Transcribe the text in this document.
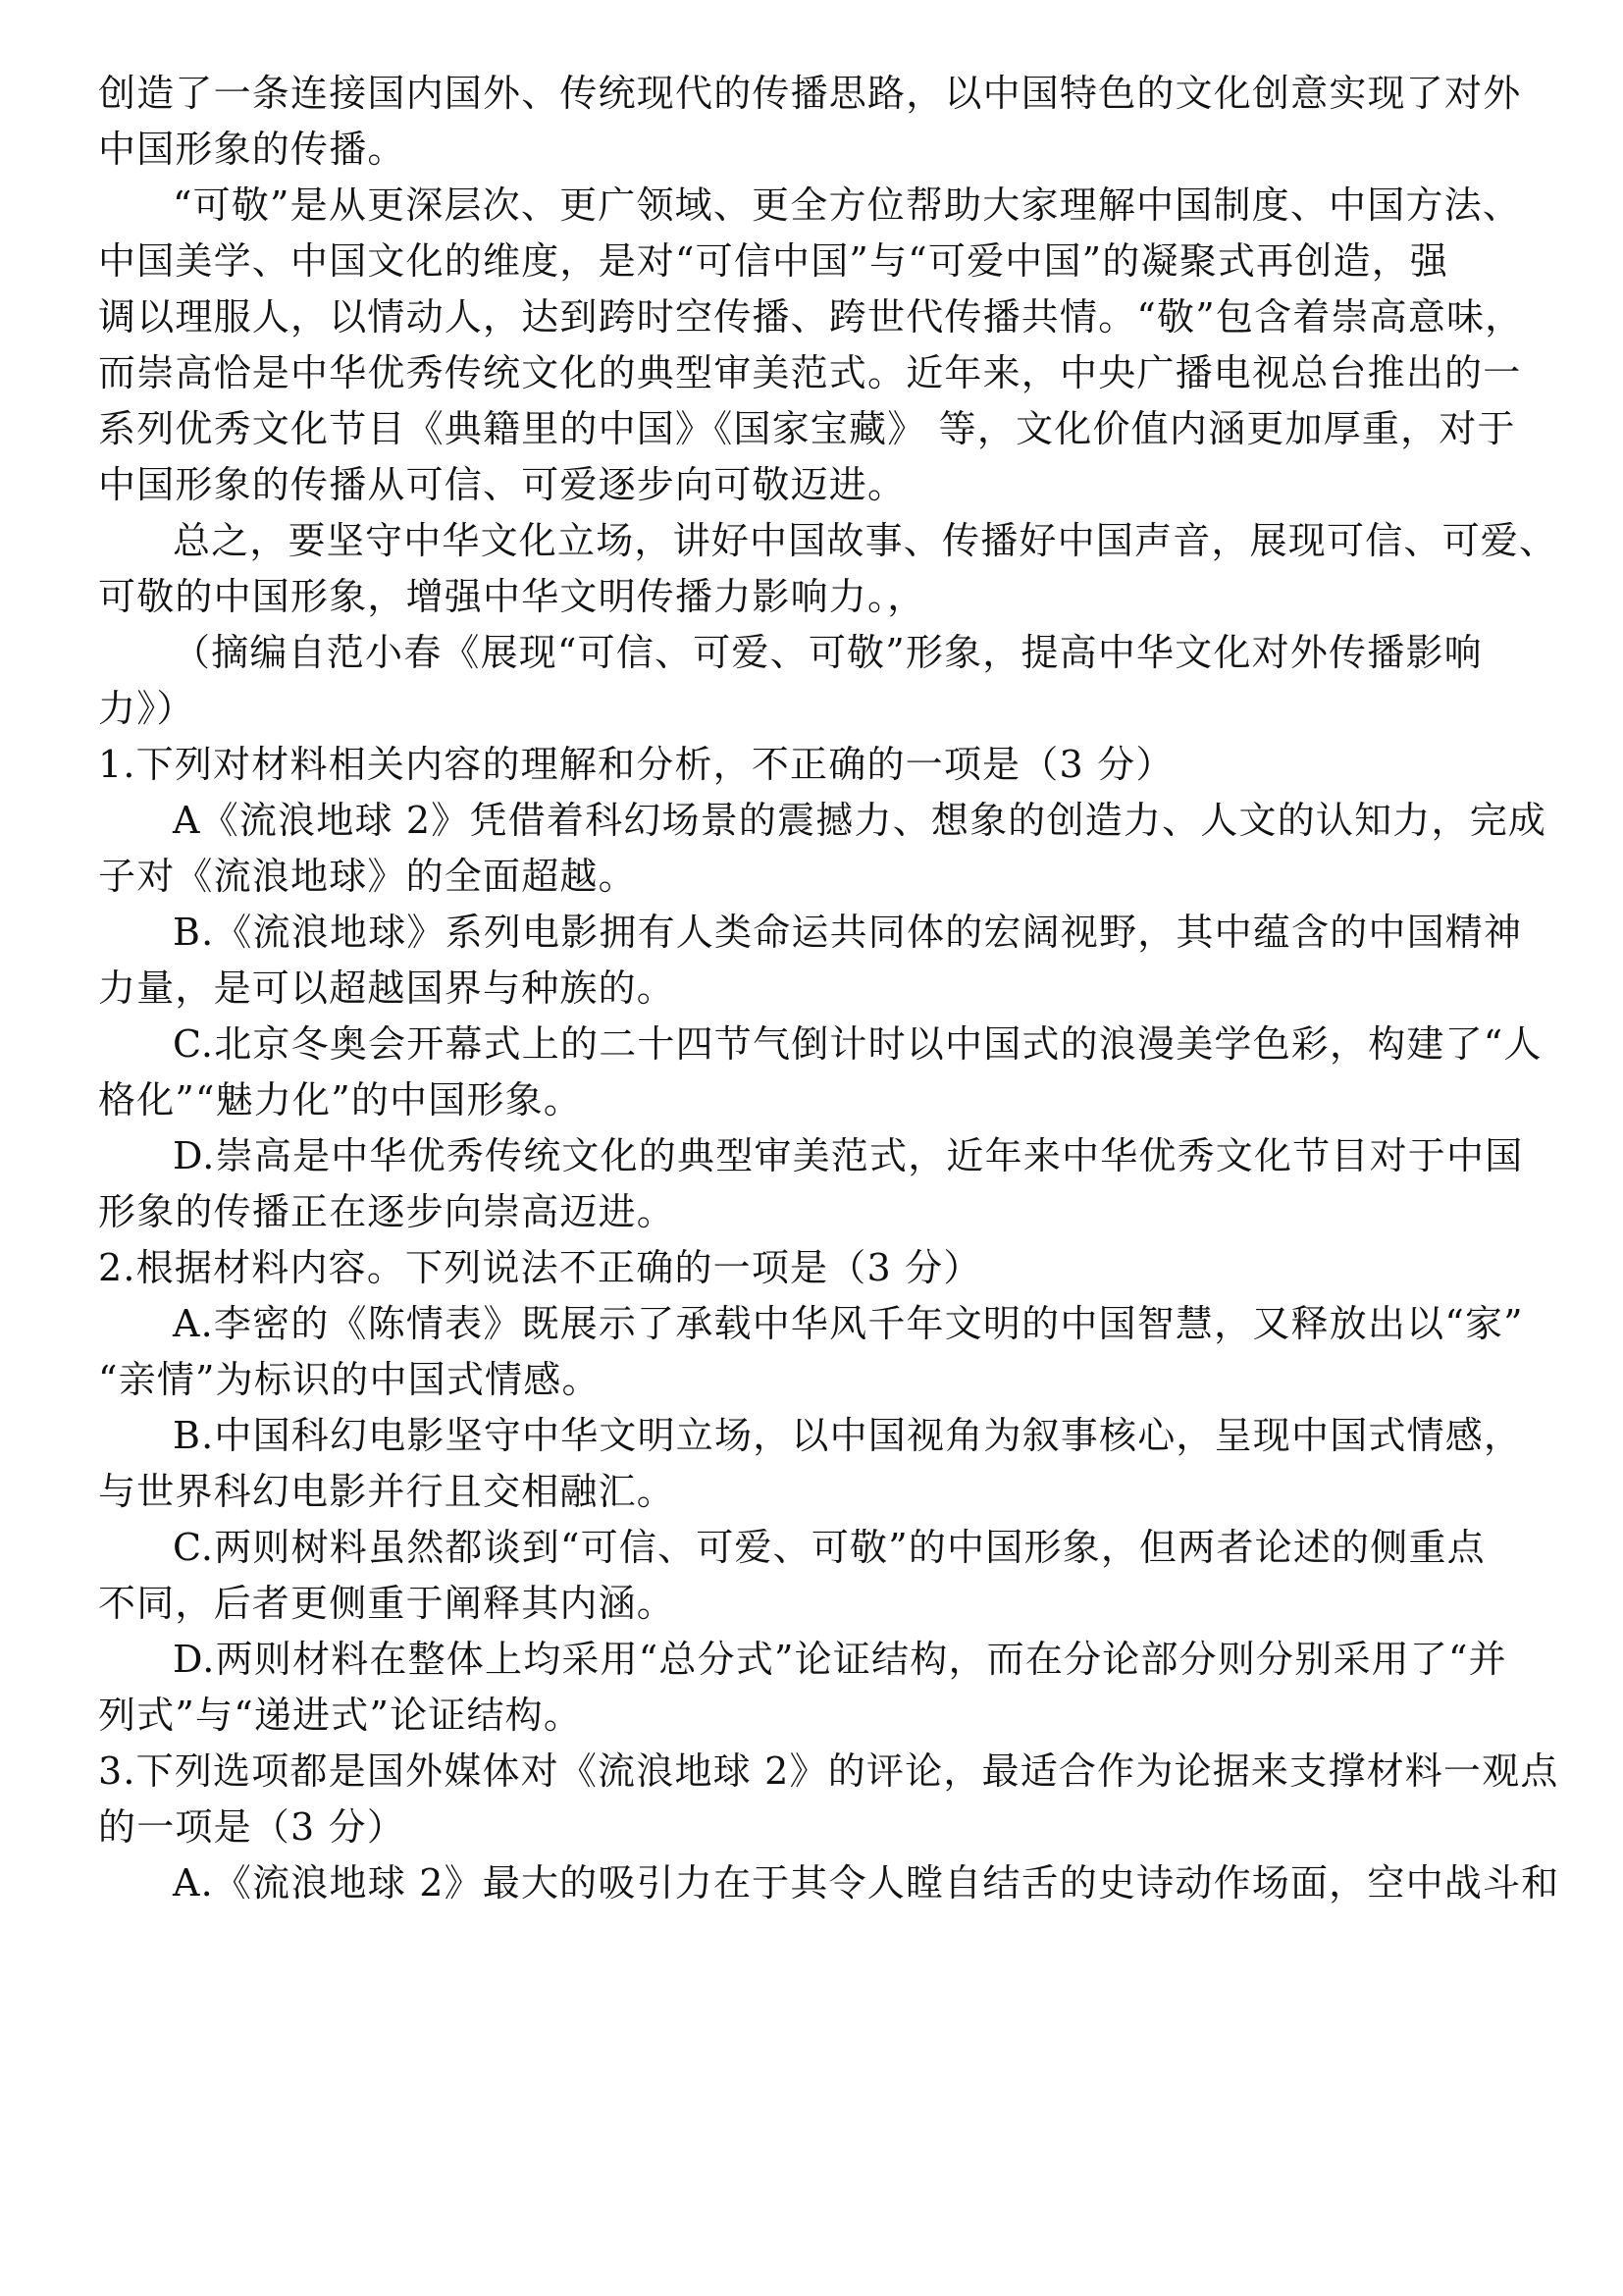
创造了一条连接国内国外、传统现代的传播思路，以中国特色的文化创意实现了对外
中国形象的传播。
“可敬”是从更深层次、更广领域、更全方位帮助大家理解中国制度、中国方法、
中国美学、中国文化的维度，是对“可信中国”与“可爱中国”的凝聚式再创造，强
调以理服人，以情动人，达到跨时空传播、跨世代传播共情。“敬”包含着崇高意味，
而崇高恰是中华优秀传统文化的典型审美范式。近年来，中央广播电视总台推出的一
系列优秀文化节目《典籍里的中国》《国家宝藏》 等，文化价值内涵更加厚重，对于
中国形象的传播从可信、可爱逐步向可敬迈进。
总之，要坚守中华文化立场，讲好中国故事、传播好中国声音，展现可信、可爱、
可敬的中国形象，增强中华文明传播力影响力。，
（摘编自范小春《展现“可信、可爱、可敬”形象，提高中华文化对外传播影响
力》）
1.下列对材料相关内容的理解和分析，不正确的一项是（3 分）
A《流浪地球 2》凭借着科幻场景的震撼力、想象的创造力、人文的认知力，完成
子对《流浪地球》的全面超越。
B.《流浪地球》系列电影拥有人类命运共同体的宏阔视野，其中蕴含的中国精神
力量，是可以超越国界与种族的。
C.北京冬奥会开幕式上的二十四节气倒计时以中国式的浪漫美学色彩，构建了“人
格化”“魅力化”的中国形象。
D.崇高是中华优秀传统文化的典型审美范式，近年来中华优秀文化节目对于中国
形象的传播正在逐步向崇高迈进。
2.根据材料内容。下列说法不正确的一项是（3 分）
A.李密的《陈情表》既展示了承载中华风千年文明的中国智慧，又释放出以“家”
“亲情”为标识的中国式情感。
B.中国科幻电影坚守中华文明立场，以中国视角为叙事核心，呈现中国式情感，
与世界科幻电影并行且交相融汇。
C.两则树料虽然都谈到“可信、可爱、可敬”的中国形象，但两者论述的侧重点
不同，后者更侧重于阐释其内涵。
D.两则材料在整体上均采用“总分式”论证结构，而在分论部分则分别采用了“并
列式”与“递进式”论证结构。
3.下列选项都是国外媒体对《流浪地球 2》的评论，最适合作为论据来支撑材料一观点
的一项是（3 分）
A.《流浪地球 2》最大的吸引力在于其令人瞠自结舌的史诗动作场面，空中战斗和
